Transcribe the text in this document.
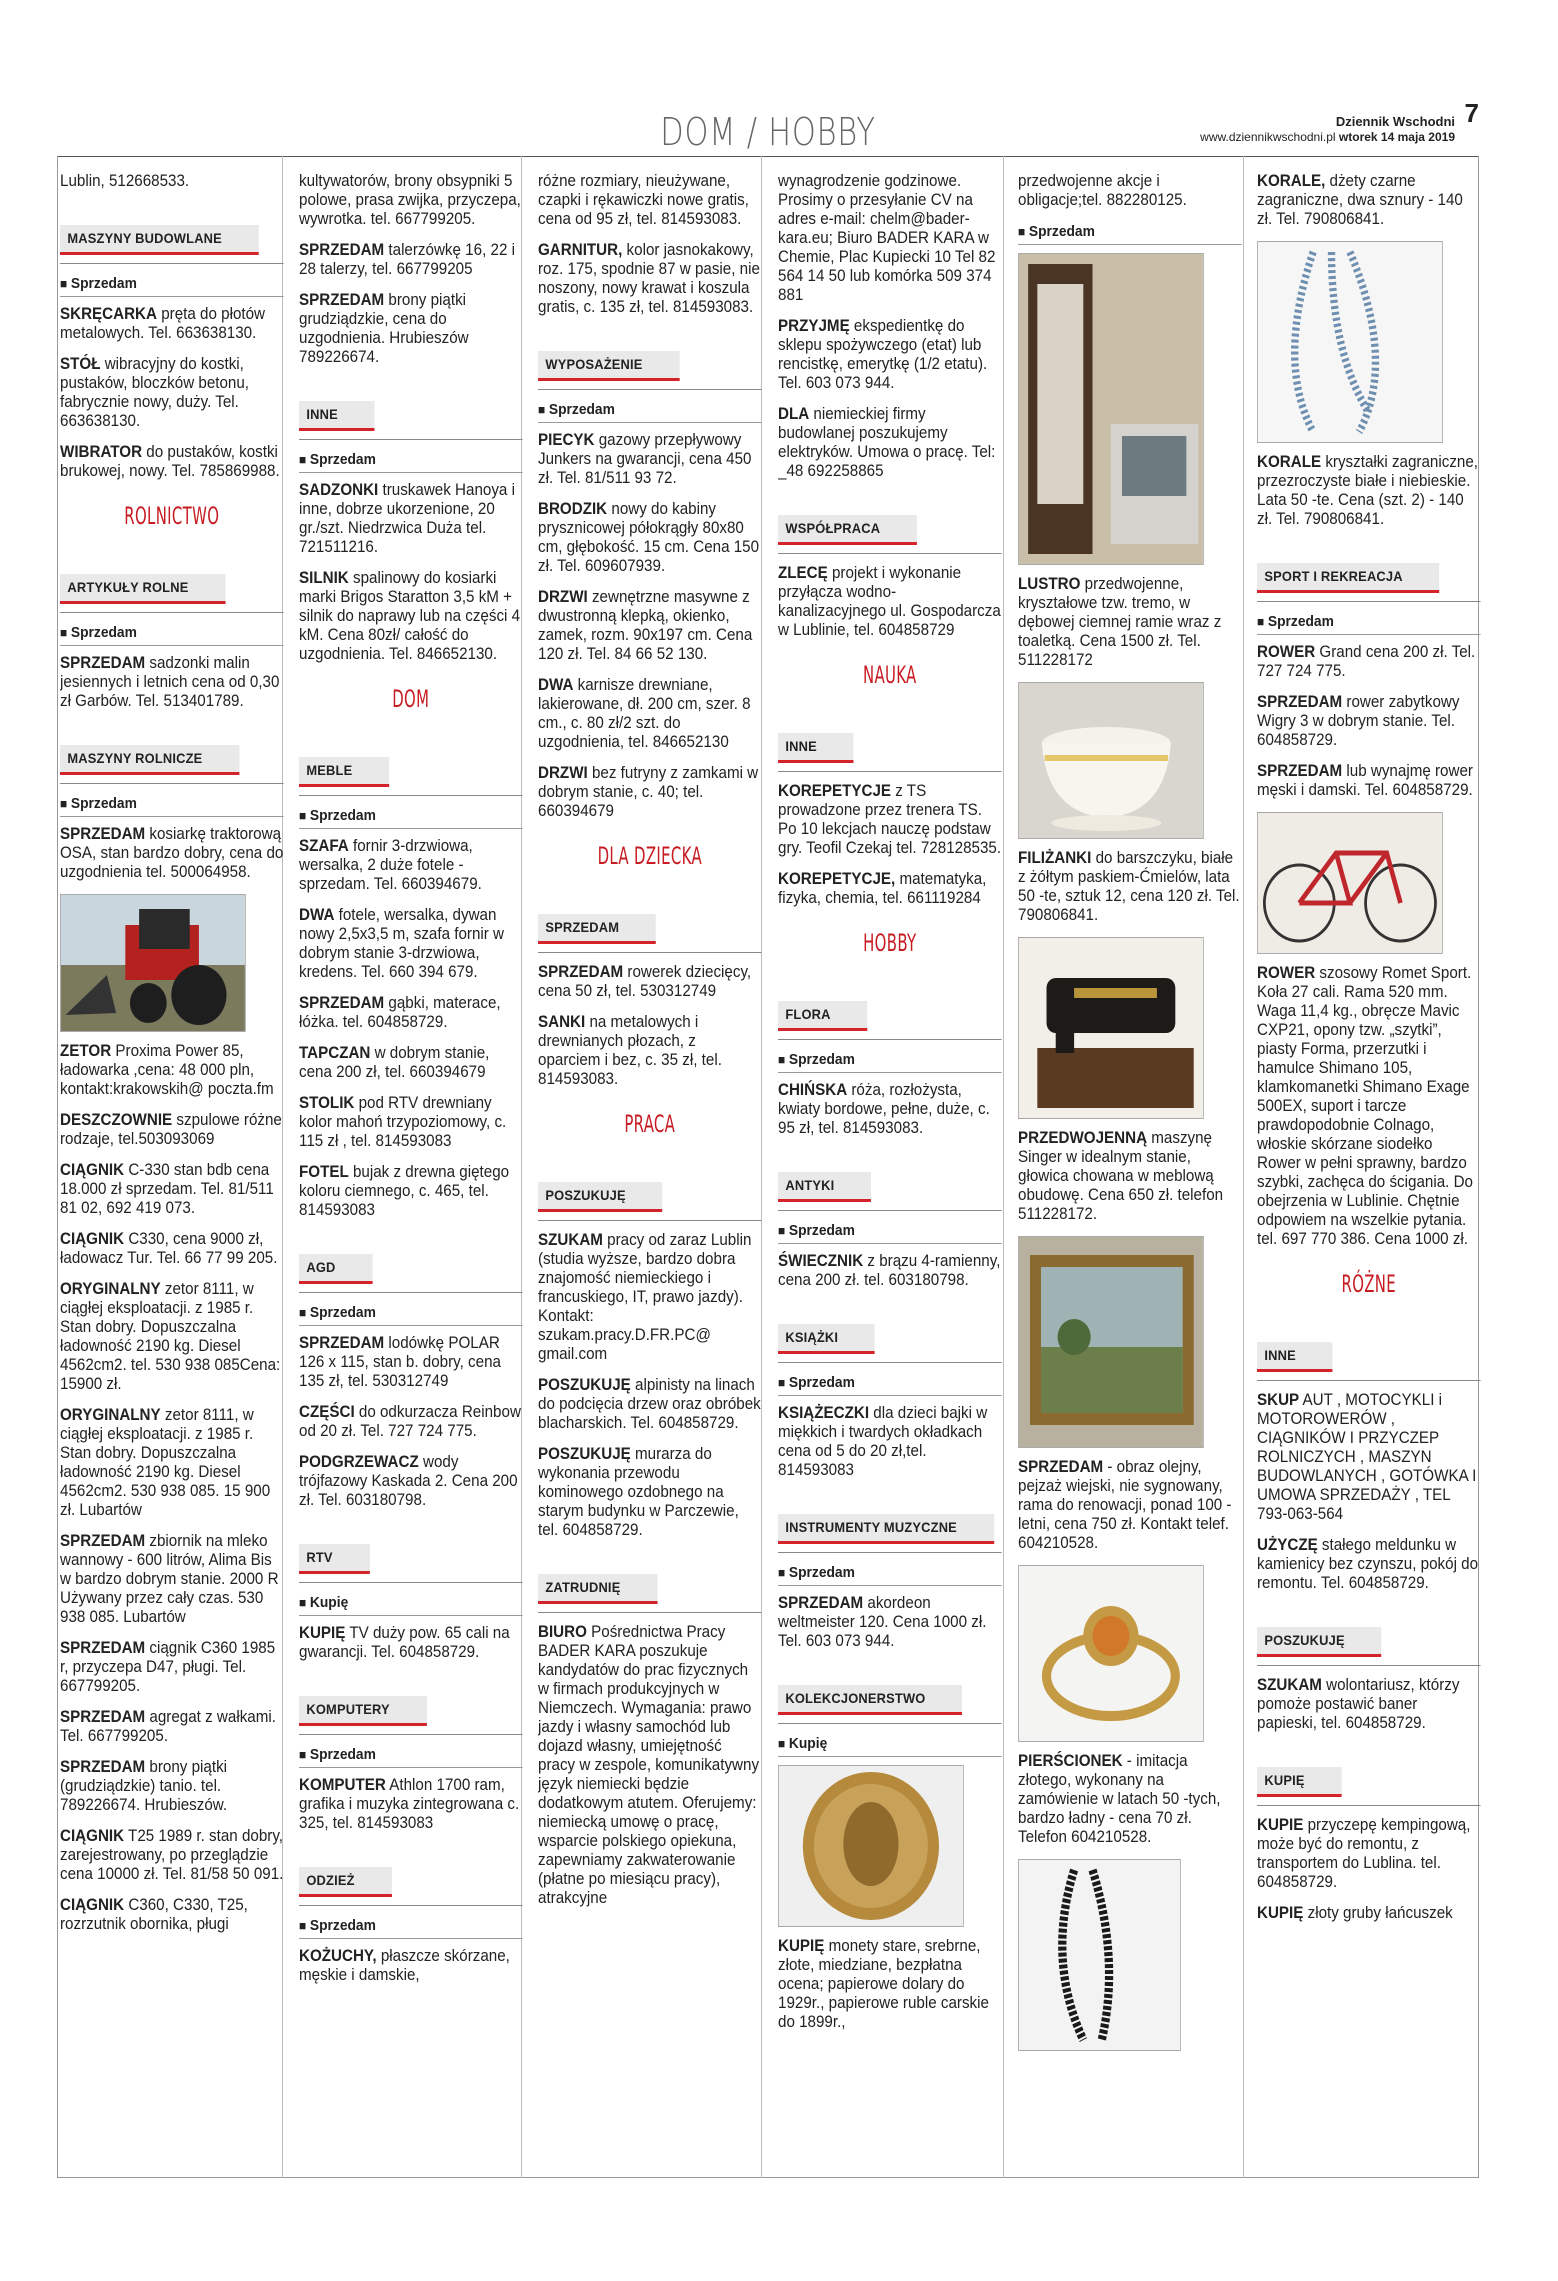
DOM / HOBBY	Dziennik Wschodni
www.dziennikwschodni.pl wtorek 14 maja 2019
7
Lublin, 512668533.
MASZYNY BUDOWLANE
■ Sprzedam
SKRĘCARKA pręta do płotów metalowych. Tel. 663638130.
STÓŁ wibracyjny do kostki, pustaków, bloczków betonu, fabrycznie nowy, duży. Tel. 663638130.
WIBRATOR do pustaków, kostki brukowej, nowy. Tel. 785869988.
ROLNICTWO
ARTYKUŁY ROLNE
■ Sprzedam
SPRZEDAM sadzonki malin jesiennych i letnich cena od 0,30 zł Garbów. Tel. 513401789.
MASZYNY ROLNICZE
■ Sprzedam
SPRZEDAM kosiarkę traktorową OSA, stan bardzo dobry, cena do uzgodnienia tel. 500064958.
ZETOR Proxima Power 85, ładowarka ,cena: 48 000 pln, kontakt:krakowskih@ poczta.fm
DESZCZOWNIE szpulowe różne rodzaje, tel.503093069
CIĄGNIK C-330 stan bdb cena 18.000 zł sprzedam. Tel. 81/511 81 02, 692 419 073.
CIĄGNIK C330, cena 9000 zł, ładowacz Tur. Tel. 66 77 99 205.
ORYGINALNY zetor 8111, w ciągłej eksploatacji. z 1985 r. Stan dobry. Dopuszczalna ładowność 2190 kg. Diesel 4562cm2. tel. 530 938 085Cena: 15900 zł.
ORYGINALNY zetor 8111, w ciągłej eksploatacji. z 1985 r. Stan dobry. Dopuszczalna ładowność 2190 kg. Diesel 4562cm2. 530 938 085. 15 900 zł. Lubartów
SPRZEDAM zbiornik na mleko wannowy - 600 litrów, Alima Bis w bardzo dobrym stanie. 2000 R Używany przez cały czas. 530 938 085. Lubartów
SPRZEDAM ciągnik C360 1985 r, przyczepa D47, pługi. Tel. 667799205.
SPRZEDAM agregat z wałkami. Tel. 667799205.
SPRZEDAM brony piątki (grudziądzkie) tanio. tel. 789226674. Hrubieszów.
CIĄGNIK T25 1989 r. stan dobry, zarejestrowany, po przeglądzie cena 10000 zł. Tel. 81/58 50 091.
CIĄGNIK C360, C330, T25, rozrzutnik obornika, pługi
kultywatorów, brony obsypniki 5 polowe, prasa zwijka, przyczepa, wywrotka. tel. 667799205.
SPRZEDAM talerzówkę 16, 22 i 28 talerzy, tel. 667799205
SPRZEDAM brony piątki grudziądzkie, cena do uzgodnienia. Hrubieszów 789226674.
INNE
■ Sprzedam
SADZONKI truskawek Hanoya i inne, dobrze ukorzenione, 20 gr./szt. Niedrzwica Duża tel. 721511216.
SILNIK spalinowy do kosiarki marki Brigos Staratton 3,5 kM + silnik do naprawy lub na części 4 kM. Cena 80zł/ całość do uzgodnienia. Tel. 846652130.
DOM
MEBLE
■ Sprzedam
SZAFA fornir 3-drzwiowa, wersalka, 2 duże fotele - sprzedam. Tel. 660394679.
DWA fotele, wersalka, dywan nowy 2,5x3,5 m, szafa fornir w dobrym stanie 3-drzwiowa, kredens. Tel. 660 394 679.
SPRZEDAM gąbki, materace, łóżka. tel. 604858729.
TAPCZAN w dobrym stanie, cena 200 zł, tel. 660394679
STOLIK pod RTV drewniany kolor mahoń trzypoziomowy, c. 115 zł , tel. 814593083
FOTEL bujak z drewna giętego koloru ciemnego, c. 465, tel. 814593083
AGD
■ Sprzedam
SPRZEDAM lodówkę POLAR 126 x 115, stan b. dobry, cena 135 zł, tel. 530312749
CZĘŚCI do odkurzacza Reinbow od 20 zł. Tel. 727 724 775.
PODGRZEWACZ wody trójfazowy Kaskada 2. Cena 200 zł. Tel. 603180798.
RTV
■ Kupię
KUPIĘ TV duży pow. 65 cali na gwarancji. Tel. 604858729.
KOMPUTERY
■ Sprzedam
KOMPUTER Athlon 1700 ram, grafika i muzyka zintegrowana c. 325, tel. 814593083
ODZIEŻ
■ Sprzedam
KOŻUCHY, płaszcze skórzane, męskie i damskie,
różne rozmiary, nieużywane, czapki i rękawiczki nowe gratis, cena od 95 zł, tel. 814593083.
GARNITUR, kolor jasnokakowy, roz. 175, spodnie 87 w pasie, nie noszony, nowy krawat i koszula gratis, c. 135 zł, tel. 814593083.
WYPOSAŻENIE
■ Sprzedam
PIECYK gazowy przepływowy Junkers na gwarancji, cena 450 zł. Tel. 81/511 93 72.
BRODZIK nowy do kabiny prysznicowej półokrągły 80x80 cm, głębokość. 15 cm. Cena 150 zł. Tel. 609607939.
DRZWI zewnętrzne masywne z dwustronną klepką, okienko, zamek, rozm. 90x197 cm. Cena 120 zł. Tel. 84 66 52 130.
DWA karnisze drewniane, lakierowane, dł. 200 cm, szer. 8 cm., c. 80 zł/2 szt. do uzgodnienia, tel. 846652130
DRZWI bez futryny z zamkami w dobrym stanie, c. 40; tel. 660394679
DLA DZIECKA
SPRZEDAM
SPRZEDAM rowerek dziecięcy, cena 50 zł, tel. 530312749
SANKI na metalowych i drewnianych płozach, z oparciem i bez, c. 35 zł, tel. 814593083.
PRACA
POSZUKUJĘ
SZUKAM pracy od zaraz Lublin (studia wyższe, bardzo dobra znajomość niemieckiego i francuskiego, IT, prawo jazdy). Kontakt: szukam.pracy.D.FR.PC@ gmail.com
POSZUKUJĘ alpinisty na linach do podcięcia drzew oraz obróbek blacharskich. Tel. 604858729.
POSZUKUJĘ murarza do wykonania przewodu kominowego ozdobnego na starym budynku w Parczewie, tel. 604858729.
ZATRUDNIĘ
BIURO Pośrednictwa Pracy BADER KARA poszukuje kandydatów do prac fizycznych w firmach produkcyjnych w Niemczech. Wymagania: prawo jazdy i własny samochód lub dojazd własny, umiejętność pracy w zespole, komunikatywny język niemiecki będzie dodatkowym atutem. Oferujemy: niemiecką umowę o pracę, wsparcie polskiego opiekuna, zapewniamy zakwaterowanie (płatne po miesiącu pracy), atrakcyjne
wynagrodzenie godzinowe. Prosimy o przesyłanie CV na adres e-mail: chelm@bader-kara.eu; Biuro BADER KARA w Chemie, Plac Kupiecki 10 Tel 82 564 14 50 lub komórka 509 374 881
PRZYJMĘ ekspedientkę do sklepu spożywczego (etat) lub rencistkę, emerytkę (1/2 etatu). Tel. 603 073 944.
DLA niemieckiej firmy budowlanej poszukujemy elektryków. Umowa o pracę. Tel: _48 692258865
WSPÓŁPRACA
ZLECĘ projekt i wykonanie przyłącza wodno-kanalizacyjnego ul. Gospodarcza w Lublinie, tel. 604858729
NAUKA
INNE
KOREPETYCJE z TS prowadzone przez trenera TS. Po 10 lekcjach nauczę podstaw gry. Teofil Czekaj tel. 728128535.
KOREPETYCJE, matematyka, fizyka, chemia, tel. 661119284
HOBBY
FLORA
■ Sprzedam
CHIŃSKA róża, rozłożysta, kwiaty bordowe, pełne, duże, c. 95 zł, tel. 814593083.
ANTYKI
■ Sprzedam
ŚWIECZNIK z brązu 4-ramienny, cena 200 zł. tel. 603180798.
KSIĄŻKI
■ Sprzedam
KSIĄŻECZKI dla dzieci bajki w miękkich i twardych okładkach cena od 5 do 20 zł,tel. 814593083
INSTRUMENTY MUZYCZNE
■ Sprzedam
SPRZEDAM akordeon weltmeister 120. Cena 1000 zł. Tel. 603 073 944.
KOLEKCJONERSTWO
■ Kupię
KUPIĘ monety stare, srebrne, złote, miedziane, bezpłatna ocena; papierowe dolary do 1929r., papierowe ruble carskie do 1899r.,
przedwojenne akcje i obligacje;tel. 882280125.
■ Sprzedam
LUSTRO przedwojenne, kryształowe tzw. tremo, w dębowej ciemnej ramie wraz z toaletką. Cena 1500 zł. Tel. 511228172
FILIŻANKI do barszczyku, białe z żółtym paskiem-Ćmielów, lata 50 -te, sztuk 12, cena 120 zł. Tel. 790806841.
PRZEDWOJENNĄ maszynę Singer w idealnym stanie, głowica chowana w meblową obudowę. Cena 650 zł. telefon 511228172.
SPRZEDAM - obraz olejny, pejzaż wiejski, nie sygnowany, rama do renowacji, ponad 100 - letni, cena 750 zł. Kontakt telef. 604210528.
PIERŚCIONEK - imitacja złotego, wykonany na zamówienie w latach 50 -tych, bardzo ładny - cena 70 zł. Telefon 604210528.
KORALE, dżety czarne zagraniczne, dwa sznury - 140 zł. Tel. 790806841.
KORALE kryształki zagraniczne, przezroczyste białe i niebieskie. Lata 50 -te. Cena (szt. 2) - 140 zł. Tel. 790806841.
SPORT I REKREACJA
■ Sprzedam
ROWER Grand cena 200 zł. Tel. 727 724 775.
SPRZEDAM rower zabytkowy Wigry 3 w dobrym stanie. Tel. 604858729.
SPRZEDAM lub wynajmę rower męski i damski. Tel. 604858729.
ROWER szosowy Romet Sport. Koła 27 cali. Rama 520 mm. Waga 11,4 kg., obręcze Mavic CXP21, opony tzw. „szytki”, piasty Forma, przerzutki i hamulce Shimano 105, klamkomanetki Shimano Exage 500EX, suport i tarcze prawdopodobnie Colnago, włoskie skórzane siodełko Rower w pełni sprawny, bardzo szybki, zachęca do ścigania. Do obejrzenia w Lublinie. Chętnie odpowiem na wszelkie pytania. tel. 697 770 386. Cena 1000 zł.
RÓŻNE
INNE
SKUP AUT , MOTOCYKLI i MOTOROWERÓW , CIĄGNIKÓW I PRZYCZEP ROLNICZYCH , MASZYN BUDOWLANYCH , GOTÓWKA I UMOWA SPRZEDAŻY , TEL 793-063-564
UŻYCZĘ stałego meldunku w kamienicy bez czynszu, pokój do remontu. Tel. 604858729.
POSZUKUJĘ
SZUKAM wolontariusz, którzy pomoże postawić baner papieski, tel. 604858729.
KUPIĘ
KUPIE przyczepę kempingową, może być do remontu, z transportem do Lublina. tel. 604858729.
KUPIĘ złoty gruby łańcuszek
